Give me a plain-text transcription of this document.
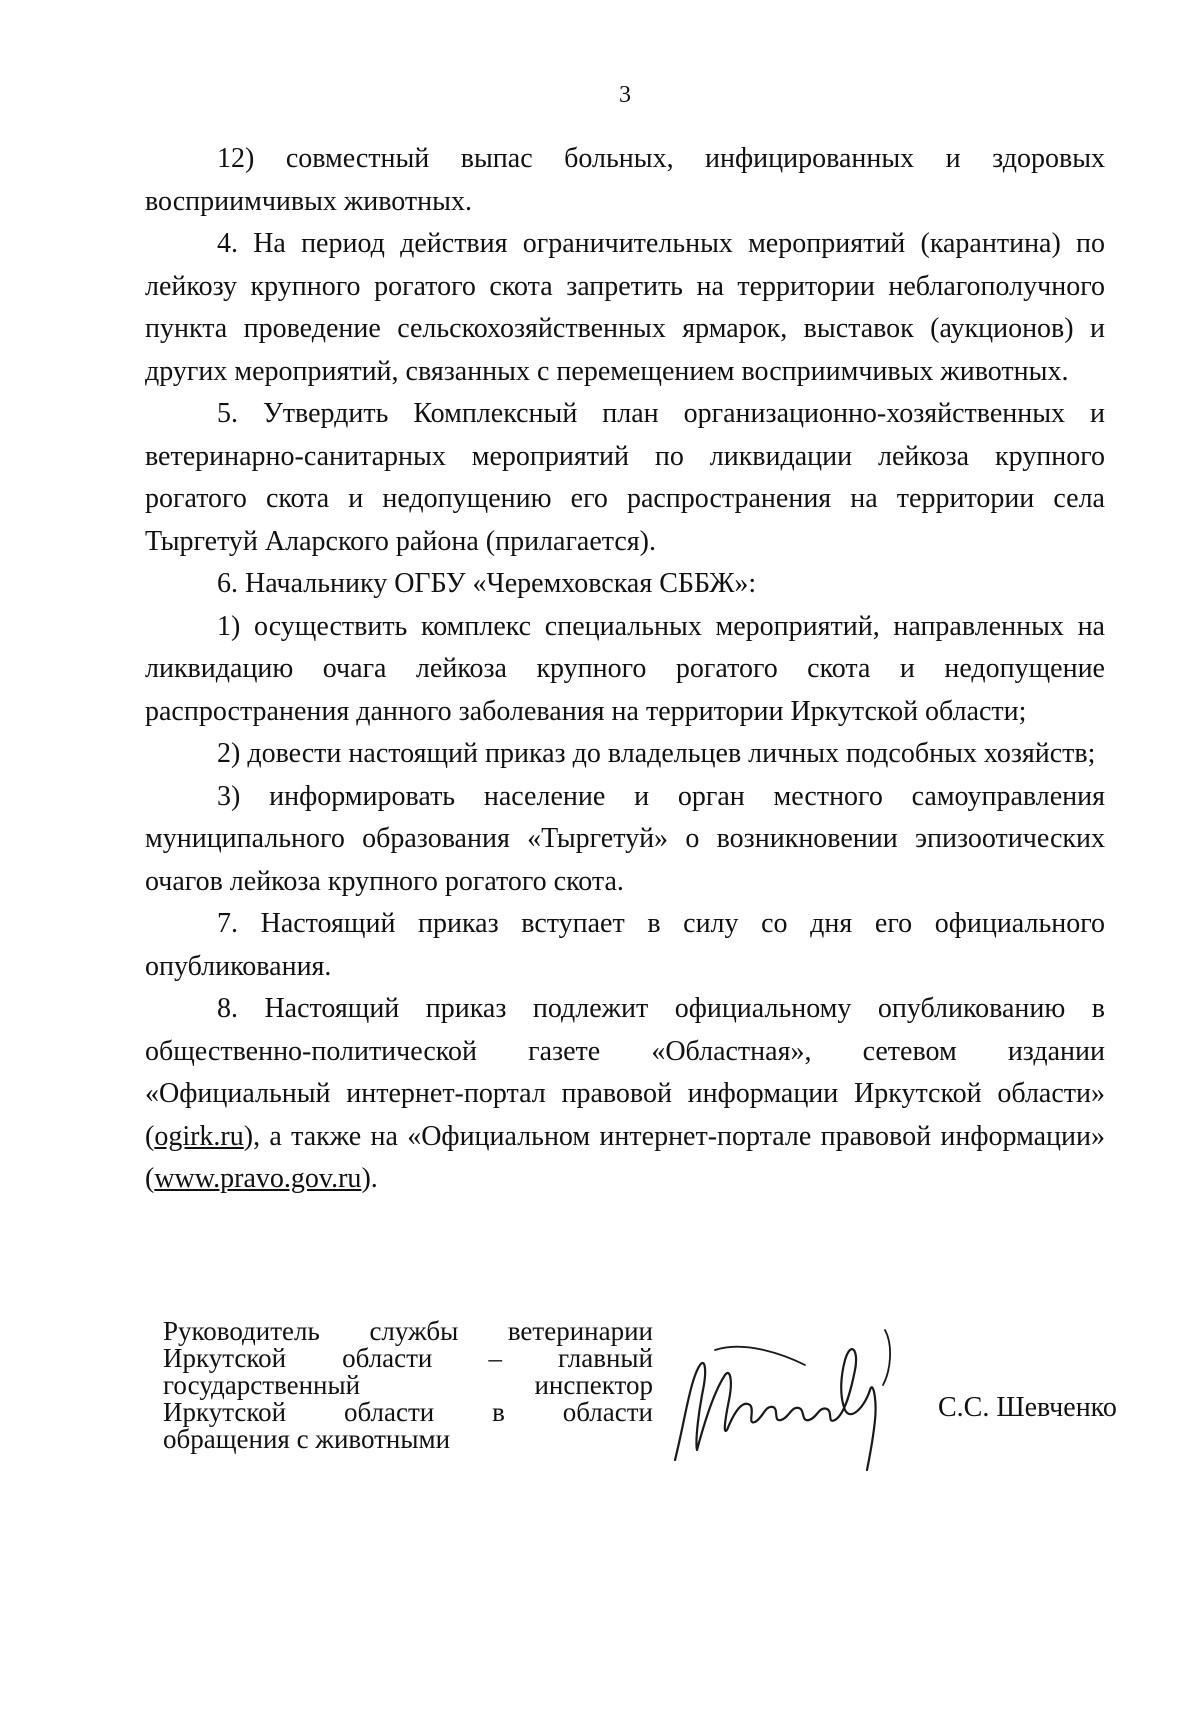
3

12) совместный выпас больных, инфицированных и здоровых восприимчивых животных.

4. На период действия ограничительных мероприятий (карантина) по лейкозу крупного рогатого скота запретить на территории неблагополучного пункта проведение сельскохозяйственных ярмарок, выставок (аукционов) и других мероприятий, связанных с перемещением восприимчивых животных.

5. Утвердить Комплексный план организационно-хозяйственных и ветеринарно-санитарных мероприятий по ликвидации лейкоза крупного рогатого скота и недопущению его распространения на территории села Тыргетуй Аларского района (прилагается).

6. Начальнику ОГБУ «Черемховская СББЖ»:

1) осуществить комплекс специальных мероприятий, направленных на ликвидацию очага лейкоза крупного рогатого скота и недопущение распространения данного заболевания на территории Иркутской области;

2) довести настоящий приказ до владельцев личных подсобных хозяйств;

3) информировать население и орган местного самоуправления муниципального образования «Тыргетуй» о возникновении эпизоотических очагов лейкоза крупного рогатого скота.

7. Настоящий приказ вступает в силу со дня его официального опубликования.

8. Настоящий приказ подлежит официальному опубликованию в общественно-политической газете «Областная», сетевом издании «Официальный интернет-портал правовой информации Иркутской области» (ogirk.ru), а также на «Официальном интернет-портале правовой информации» (www.pravo.gov.ru).

Руководитель службы ветеринарии
Иркутской области – главный
государственный	инспектор
Иркутской области в области
обращения с животными
С.С. Шевченко
